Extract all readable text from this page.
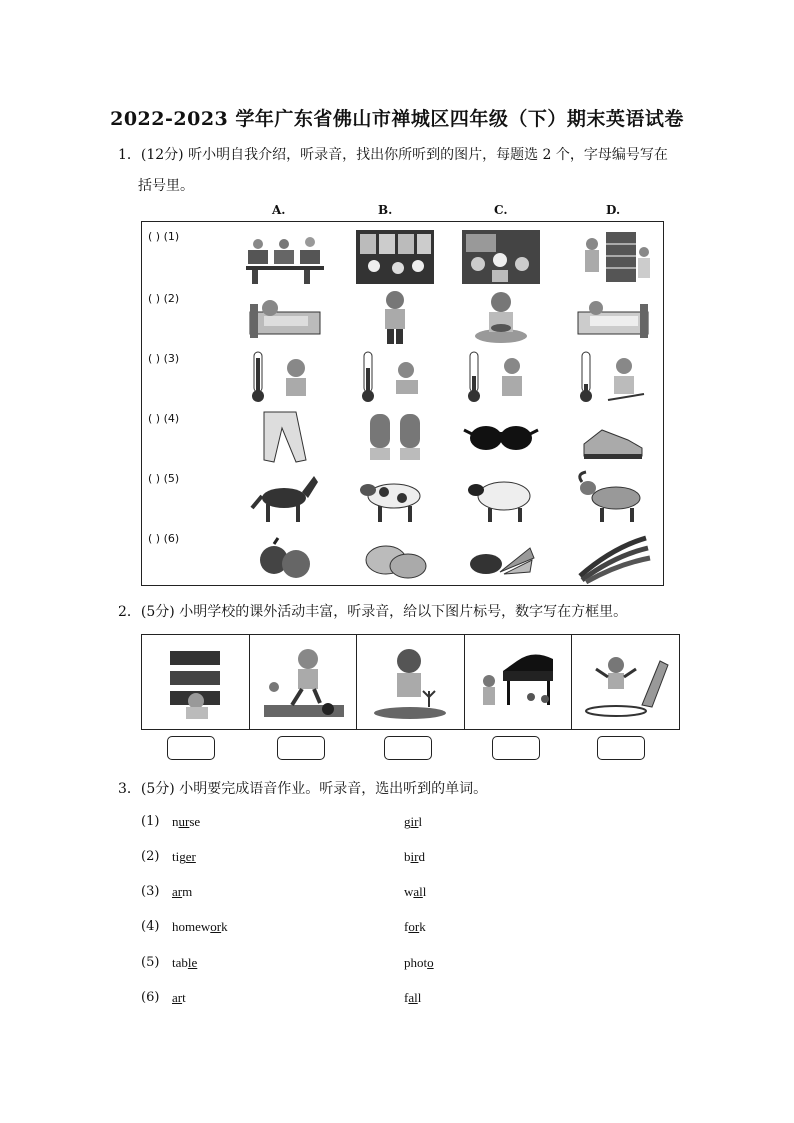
2022-2023 学年广东省佛山市禅城区四年级（下）期末英语试卷
1．(12分) 听小明自我介绍，听录音，找出你所听到的图片，每题选 2 个，字母编号写在
括号里。
A.	B.	C.	D.
( ) (1)
( ) (2)
( ) (3)
( ) (4)
( ) (5)
( ) (6)
2．(5分) 小明学校的课外活动丰富，听录音，给以下图片标号，数字写在方框里。
3．(5分) 小明要完成语音作业。听录音，选出听到的单词。
(1) nurse	girl
(2) tiger	bird
(3) arm	wall
(4) homework	fork
(5) table	photo
(6) art	fall
